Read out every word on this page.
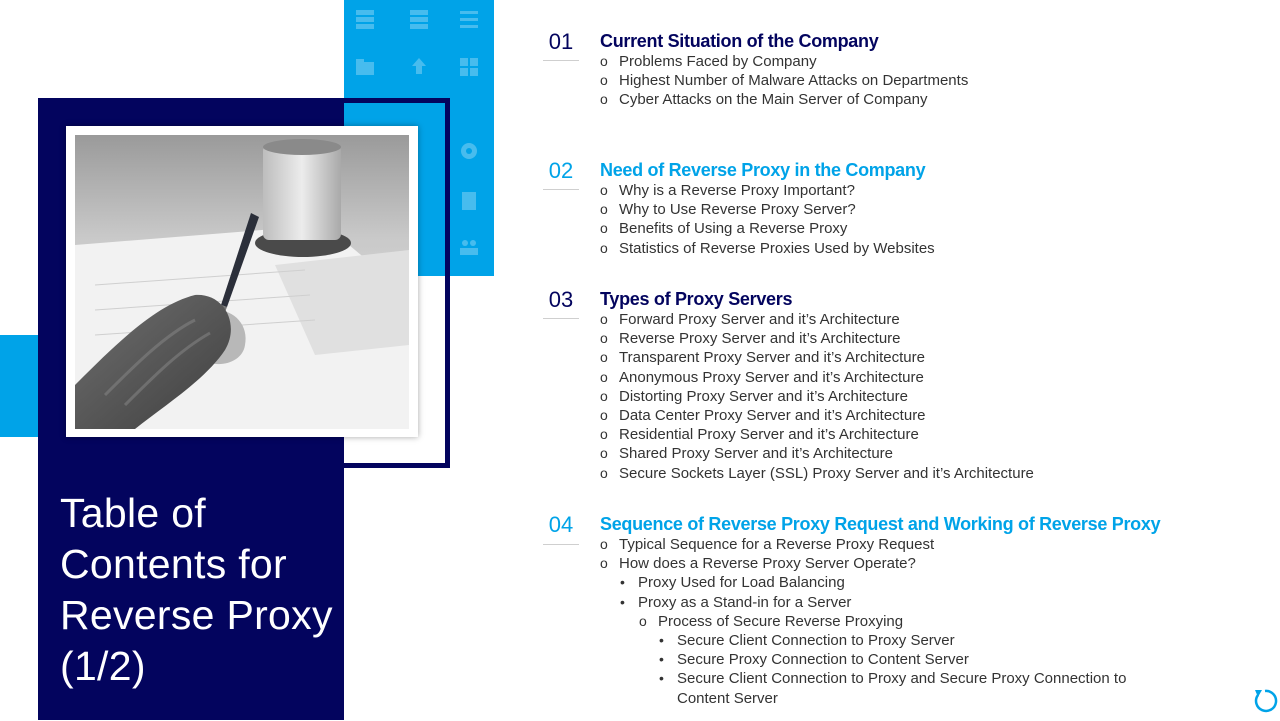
Table of Contents for Reverse Proxy (1/2)
01	Current Situation of the Company
o Problems Faced by Company
o Highest Number of Malware Attacks on Departments
o Cyber Attacks on the Main Server of Company
02	Need of Reverse Proxy in the Company
o Why is a Reverse Proxy Important?
o Why to Use Reverse Proxy Server?
o Benefits of Using a Reverse Proxy
o Statistics of Reverse Proxies Used by Websites
03	Types of Proxy Servers
o Forward Proxy Server and it’s Architecture
o Reverse Proxy Server and it’s Architecture
o Transparent Proxy Server and it’s Architecture
o Anonymous Proxy Server and it’s Architecture
o Distorting Proxy Server and it’s Architecture
o Data Center Proxy Server and it’s Architecture
o Residential Proxy Server and it’s Architecture
o Shared Proxy Server and it’s Architecture
o Secure Sockets Layer (SSL) Proxy Server and it’s Architecture
04	Sequence of Reverse Proxy Request and Working of Reverse Proxy
o Typical Sequence for a Reverse Proxy Request
o How does a Reverse Proxy Server Operate?
• Proxy Used for Load Balancing
• Proxy as a Stand-in for a Server
o Process of Secure Reverse Proxying
• Secure Client Connection to Proxy Server
• Secure Proxy Connection to Content Server
• Secure Client Connection to Proxy and Secure Proxy Connection to
Content Server
